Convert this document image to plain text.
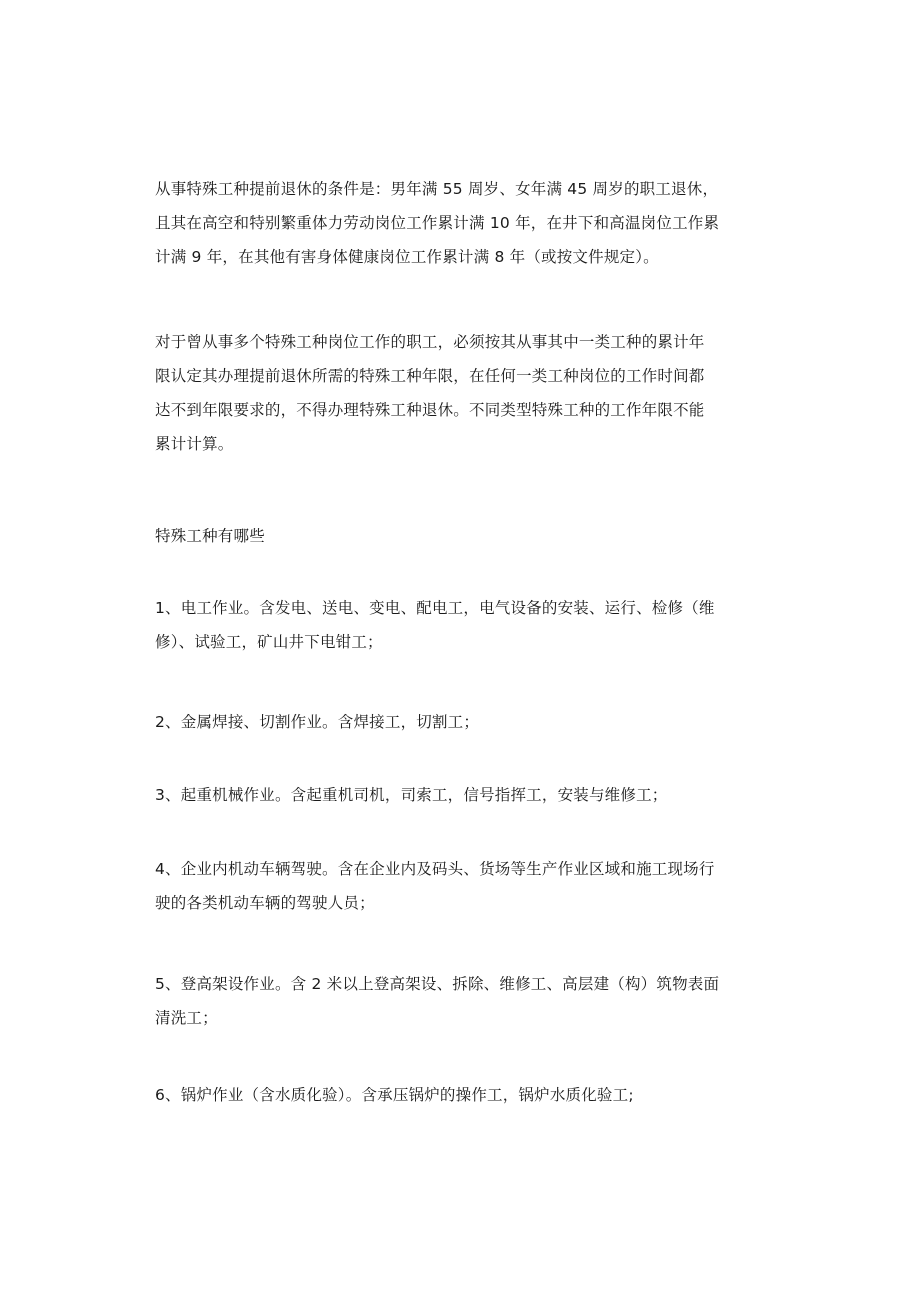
从事特殊工种提前退休的条件是：男年满 55 周岁、女年满 45 周岁的职工退休，
且其在高空和特别繁重体力劳动岗位工作累计满 10 年，在井下和高温岗位工作累
计满 9 年，在其他有害身体健康岗位工作累计满 8 年（或按文件规定）。
对于曾从事多个特殊工种岗位工作的职工，必须按其从事其中一类工种的累计年
限认定其办理提前退休所需的特殊工种年限，在任何一类工种岗位的工作时间都
达不到年限要求的，不得办理特殊工种退休。不同类型特殊工种的工作年限不能
累计计算。
特殊工种有哪些
1、电工作业。含发电、送电、变电、配电工，电气设备的安装、运行、检修（维
修）、试验工，矿山井下电钳工；
2、金属焊接、切割作业。含焊接工，切割工；
3、起重机械作业。含起重机司机，司索工，信号指挥工，安装与维修工；
4、企业内机动车辆驾驶。含在企业内及码头、货场等生产作业区域和施工现场行
驶的各类机动车辆的驾驶人员；
5、登高架设作业。含 2 米以上登高架设、拆除、维修工、高层建（构）筑物表面
清洗工；
6、锅炉作业（含水质化验）。含承压锅炉的操作工，锅炉水质化验工;
